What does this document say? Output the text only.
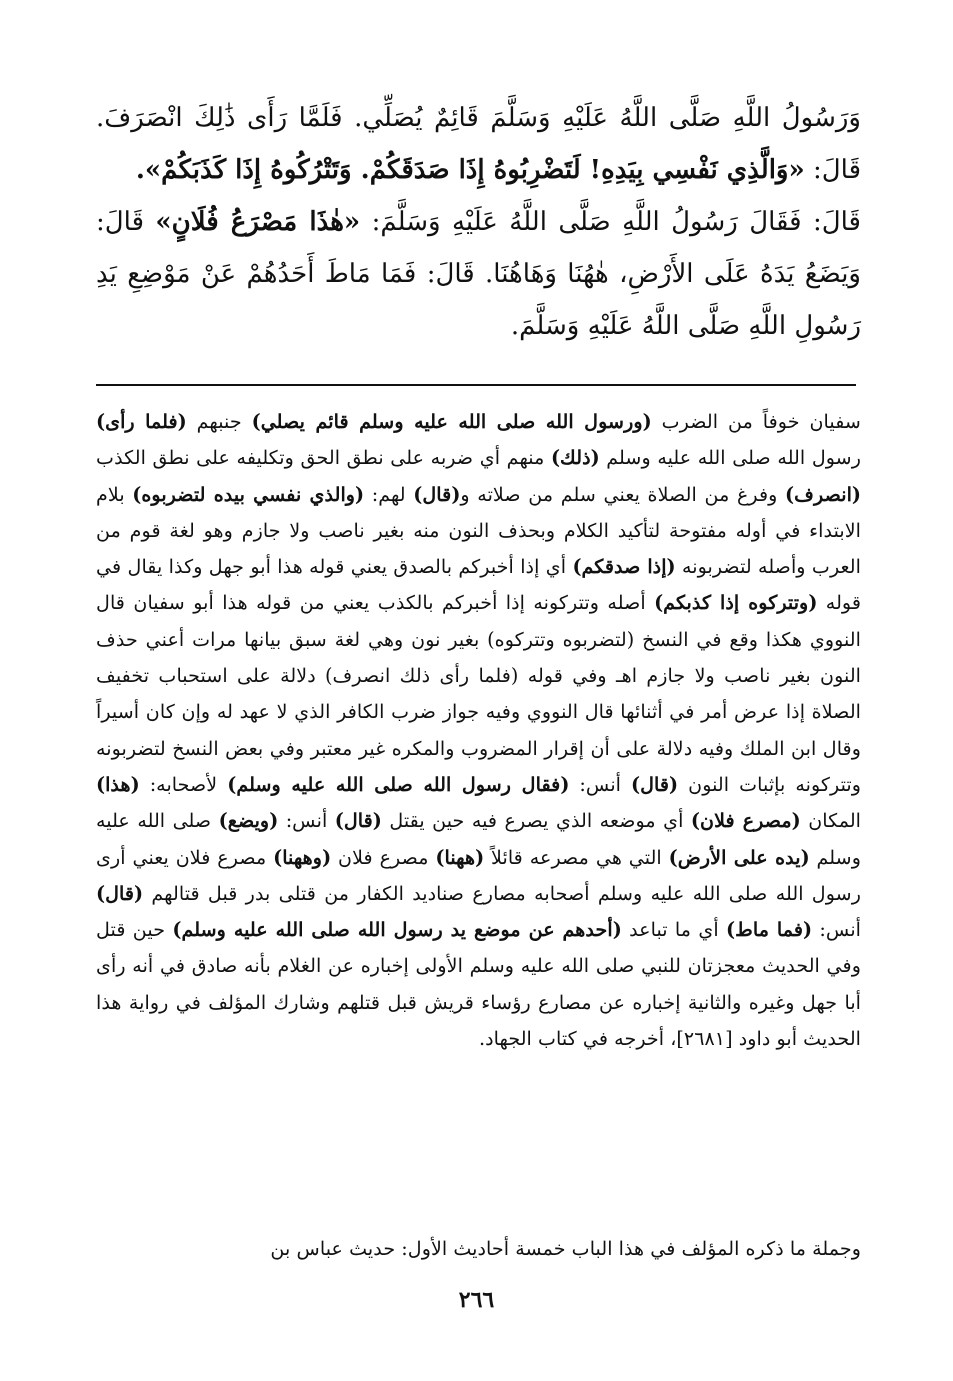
وَرَسُولُ اللَّهِ صَلَّى اللَّهُ عَلَيْهِ وَسَلَّمَ قَائِمٌ يُصَلِّي. فَلَمَّا رَأَى ذَٰلِكَ انْصَرَفَ. قَالَ: «وَالَّذِي نَفْسِي بِيَدِهِ! لَتَضْرِبُوهُ إِذَا صَدَقَكُمْ. وَتَتْرُكُوهُ إِذَا كَذَبَكُمْ».
قَالَ: فَقَالَ رَسُولُ اللَّهِ صَلَّى اللَّهُ عَلَيْهِ وَسَلَّمَ: «هٰذَا مَصْرَعُ فُلَانٍ» قَالَ: وَيَضَعُ يَدَهُ عَلَى الأَرْضِ، هٰهُنَا وَهَاهُنَا. قَالَ: فَمَا مَاطَ أَحَدُهُمْ عَنْ مَوْضِعِ يَدِ رَسُولِ اللَّهِ صَلَّى اللَّهُ عَلَيْهِ وَسَلَّمَ.
سفيان خوفاً من الضرب (ورسول الله صلى الله عليه وسلم قائم يصلي) جنبهم (فلما رأى) رسول الله صلى الله عليه وسلم (ذلك) منهم أي ضربه على نطق الحق وتكليفه على نطق الكذب (انصرف) وفرغ من الصلاة يعني سلم من صلاته و(قال) لهم: (والذي نفسي بيده لتضربوه) بلام الابتداء في أوله مفتوحة لتأكيد الكلام وبحذف النون منه بغير ناصب ولا جازم وهو لغة قوم من العرب وأصله لتضربونه (إذا صدقكم) أي إذا أخبركم بالصدق يعني قوله هذا أبو جهل وكذا يقال في قوله (وتتركوه إذا كذبكم) أصله وتتركونه إذا أخبركم بالكذب يعني من قوله هذا أبو سفيان قال النووي هكذا وقع في النسخ (لتضربوه وتتركوه) بغير نون وهي لغة سبق بيانها مرات أعني حذف النون بغير ناصب ولا جازم اهـ وفي قوله (فلما رأى ذلك انصرف) دلالة على استحباب تخفيف الصلاة إذا عرض أمر في أثنائها قال النووي وفيه جواز ضرب الكافر الذي لا عهد له وإن كان أسيراً وقال ابن الملك وفيه دلالة على أن إقرار المضروب والمكره غير معتبر وفي بعض النسخ لتضربونه وتتركونه بإثبات النون (قال) أنس: (فقال رسول الله صلى الله عليه وسلم) لأصحابه: (هذا) المكان (مصرع فلان) أي موضعه الذي يصرع فيه حين يقتل (قال) أنس: (ويضع) صلى الله عليه وسلم (يده على الأرض) التي هي مصرعه قائلاً (ههنا) مصرع فلان (وههنا) مصرع فلان يعني أرى رسول الله صلى الله عليه وسلم أصحابه مصارع صناديد الكفار من قتلى بدر قبل قتالهم (قال) أنس: (فما ماط) أي ما تباعد (أحدهم عن موضع يد رسول الله صلى الله عليه وسلم) حين قتل وفي الحديث معجزتان للنبي صلى الله عليه وسلم الأولى إخباره عن الغلام بأنه صادق في أنه رأى أبا جهل وغيره والثانية إخباره عن مصارع رؤساء قريش قبل قتلهم وشارك المؤلف في رواية هذا الحديث أبو داود [٢٦٨١]، أخرجه في كتاب الجهاد.
وجملة ما ذكره المؤلف في هذا الباب خمسة أحاديث الأول: حديث عباس بن
٢٦٦
